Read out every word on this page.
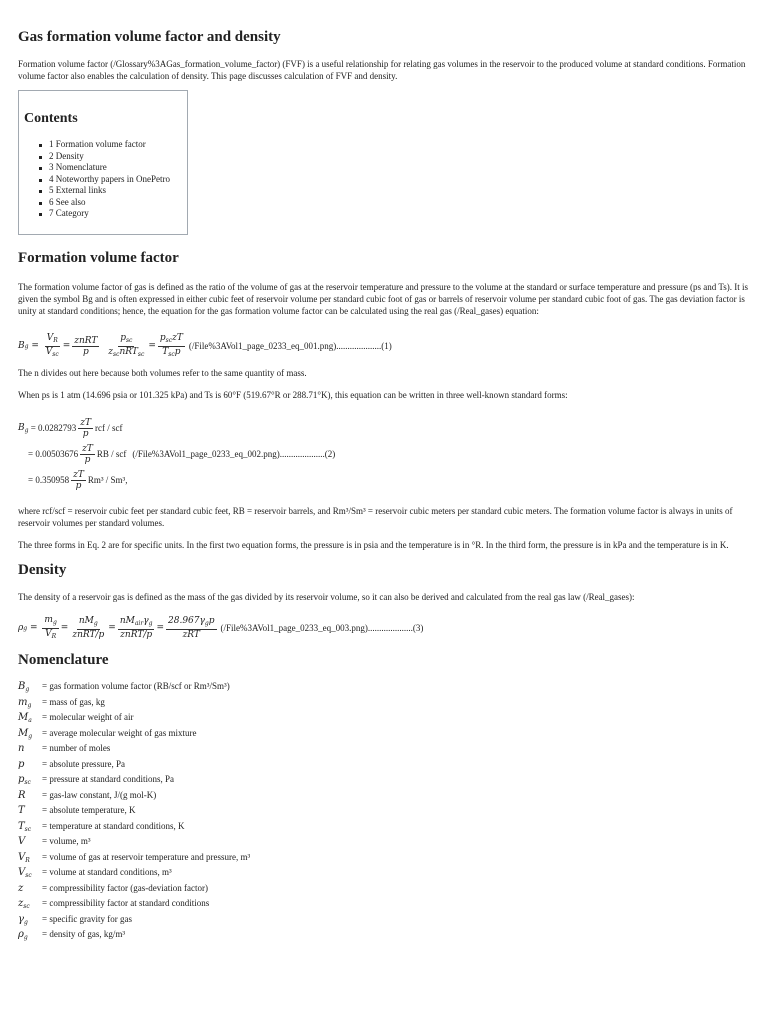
Gas formation volume factor and density

Formation volume factor (/Glossary%3AGas_formation_volume_factor) (FVF) is a useful relationship for relating gas volumes in the reservoir to the produced volume at standard conditions. Formation volume factor also enables the calculation of density. This page discusses calculation of FVF and density.

Contents
1 Formation volume factor
2 Density
3 Nomenclature
4 Noteworthy papers in OnePetro
5 External links
6 See also
7 Category
Formation volume factor

The formation volume factor of gas is defined as the ratio of the volume of gas at the reservoir temperature and pressure to the volume at the standard or surface temperature and pressure (ps and Ts). It is given the symbol Bg and is often expressed in either cubic feet of reservoir volume per standard cubic foot of gas or barrels of reservoir volume per standard cubic foot of gas. The gas deviation factor is unity at standard conditions; hence, the equation for the gas formation volume factor can be calculated using the real gas (/Real_gases) equation:

B $g = \frac{V_R}{V_{sc}} = \frac{\text{znRT}}{p}$
$\frac{p_{sc}}{z_{sc}nRT_{sc}} = \frac{p_{sc}zT}{T_{sc}p}$ (/File%3AVol1_page_0233_eq_001.png)....................(1)

The n divides out here because both volumes refer to the same quantity of mass.

When ps is 1 atm (14.696 psia or 101.325 kPa) and Ts is 60°F (519.67°R or 288.71°K), this equation can be written in three well-known standard forms:

$B_g$
= $0.0282793 \frac{zT}{p}$ rcf / scf
= $0.00503676 \frac{zT}{p}$ RB / scf (/File%3AVol1_page_0233_eq_002.png)....................(2)
= $0.350958 \frac{zT}{p} Rm^3 / Sm^3$,

where rcf/scf = reservoir cubic feet per standard cubic feet, RB = reservoir barrels, and Rm³/Sm³ = reservoir cubic meters per standard cubic meters. The formation volume factor is always in units of reservoir volumes per standard volumes.

The three forms in Eq. 2 are for specific units. In the first two equation forms, the pressure is in psia and the temperature is in °R. In the third form, the pressure is in kPa and the temperature is in K.

Density

The density of a reservoir gas is defined as the mass of the gas divided by its reservoir volume, so it can also be derived and calculated from the real gas law (/Real_gases):

ρ $g = \frac{m_g}{V_R} = \frac{nM_g}{\text{znRT/p}} = \frac{nM_{air}\gamma_g}{\text{znRT/p}} = \frac{28.967\gamma_gp}{\text{zRT}}$ (/File%3AVol1_page_0233_eq_003.png)....................(3)
Nomenclature
$B_g$	= gas formation volume factor (RB/scf or Rm³/Sm³)
$m_g$	= mass of gas, kg
$M_a$	= molecular weight of air
$M_g$	= average molecular weight of gas mixture
n	= number of moles
p	= absolute pressure, Pa
$p_{sc}$	= pressure at standard conditions, Pa
R	= gas-law constant, J/(g mol-K)
T	= absolute temperature, K
$T_{sc}$	= temperature at standard conditions, K
V	= volume, m³
$V_R$	= volume of gas at reservoir temperature and pressure, m³
$V_{sc}$	= volume at standard conditions, m³
z	= compressibility factor (gas-deviation factor)
$z_{sc}$	= compressibility factor at standard conditions
$\gamma_g$	= specific gravity for gas
$\rho_g$	= density of gas, kg/m³
